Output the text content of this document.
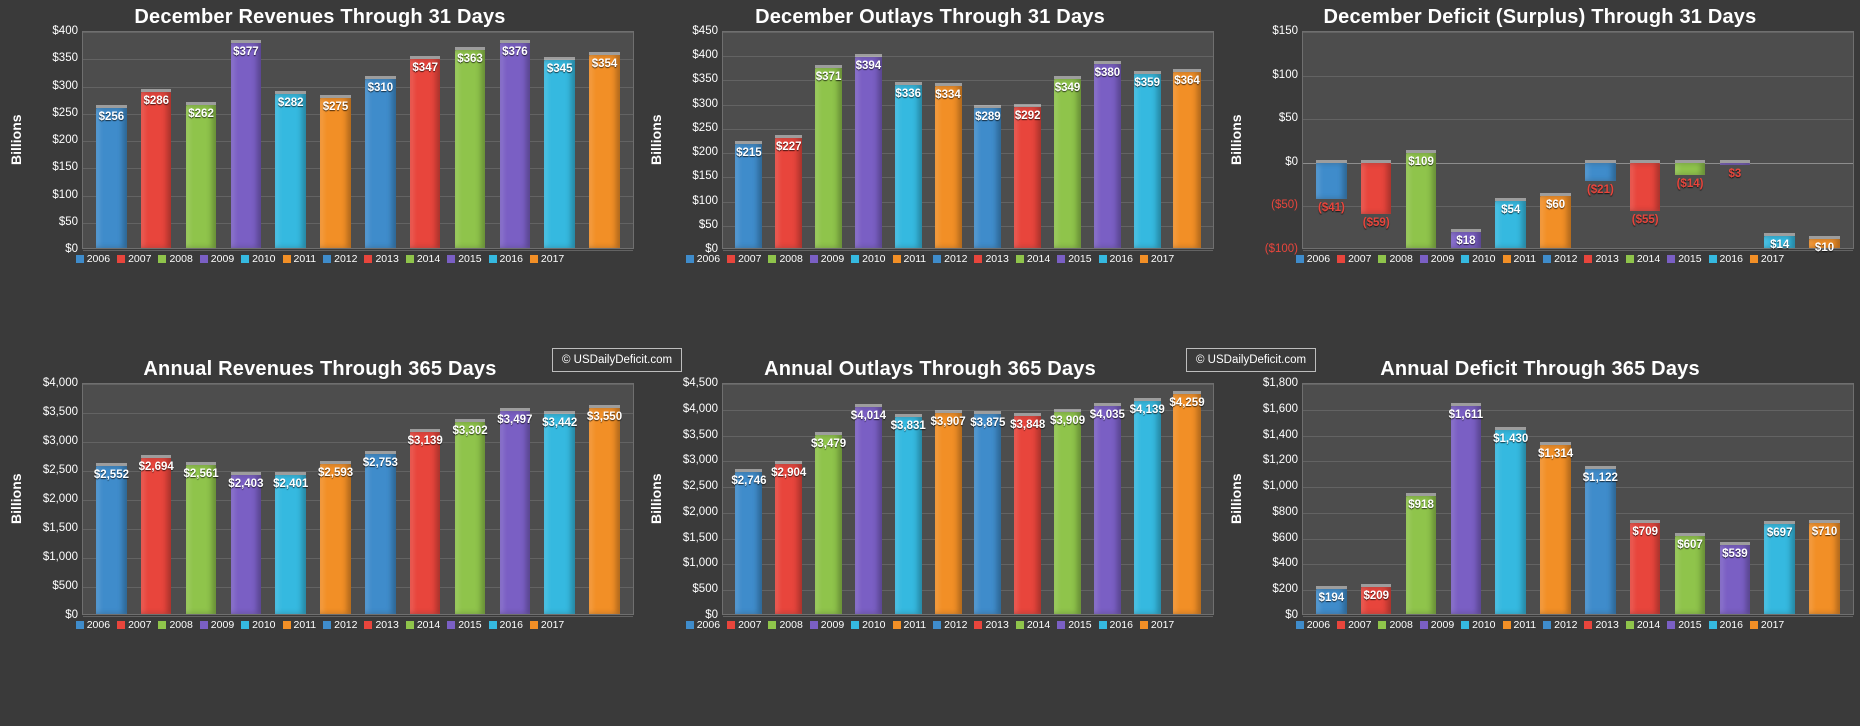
December Revenues Through 31 Days
Billions
$0
$50
$100
$150
$200
$250
$300
$350
$400
$256
$286
$262
$377
$282 $275
$310
$347
$363
$376
$345 $354
2006 2007 2008 2009 2010 2011 2012 2013 2014 2015 2016 2017
December Outlays Through 31 Days
Billions
$0
$50
$100
$150
$200
$250
$300
$350
$400
$450
$215 $227
$371
$394
$336 $334
$289 $292
$349
$380
$359 $364
2006 2007 2008 2009 2010 2011 2012 2013 2014 2015 2016 2017
December Deficit (Surplus) Through 31 Days
Billions
($100)
($50)
$0
$50
$100
$150
($41)
($59)
$109
$18
$54 $60
($21)
($55)
($14)
$3
$14 $10
2006 2007 2008 2009 2010 2011 2012 2013 2014 2015 2016 2017
Annual Revenues Through 365 Days
Billions
$0
$500
$1,000
$1,500
$2,000
$2,500
$3,000
$3,500
$4,000
$2,552
$2,694
$2,561
$2,403 $2,401
$2,593
$2,753
$3,139
$3,302
$3,497 $3,442
$3,550
2006 2007 2008 2009 2010 2011 2012 2013 2014 2015 2016 2017
Annual Outlays Through 365 Days
Billions
$0
$500
$1,000
$1,500
$2,000
$2,500
$3,000
$3,500
$4,000
$4,500
$2,746
$2,904
$3,479
$4,014
$3,831 $3,907 $3,875 $3,848 $3,909
$4,035 $4,139
$4,259
2006 2007 2008 2009 2010 2011 2012 2013 2014 2015 2016 2017
Annual Deficit Through 365 Days
Billions
$0
$200
$400
$600
$800
$1,000
$1,200
$1,400
$1,600
$1,800
$194 $209
$918
$1,611
$1,430
$1,314
$1,122
$709
$607
$539
$697 $710
2006 2007 2008 2009 2010 2011 2012 2013 2014 2015 2016 2017
© USDailyDeficit.com	© USDailyDeficit.com
